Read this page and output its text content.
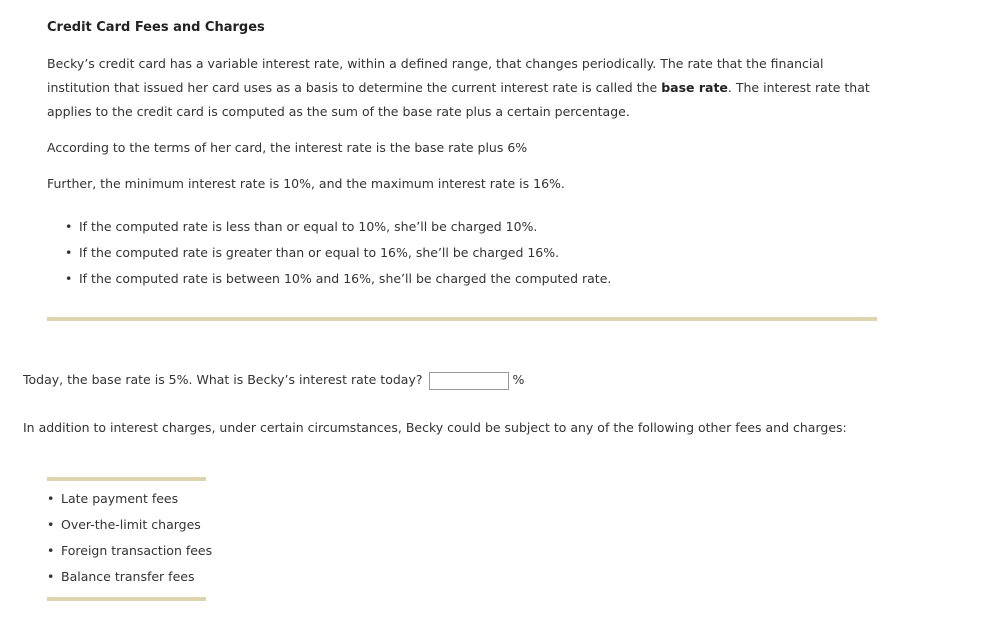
Credit Card Fees and Charges
Becky’s credit card has a variable interest rate, within a defined range, that changes periodically. The rate that the financial institution that issued her card uses as a basis to determine the current interest rate is called the base rate. The interest rate that applies to the credit card is computed as the sum of the base rate plus a certain percentage.
According to the terms of her card, the interest rate is the base rate plus 6%
Further, the minimum interest rate is 10%, and the maximum interest rate is 16%.
• If the computed rate is less than or equal to 10%, she’ll be charged 10%.
• If the computed rate is greater than or equal to 16%, she’ll be charged 16%.
• If the computed rate is between 10% and 16%, she’ll be charged the computed rate.
Today, the base rate is 5%. What is Becky’s interest rate today?	%
In addition to interest charges, under certain circumstances, Becky could be subject to any of the following other fees and charges:
• Late payment fees
• Over-the-limit charges
• Foreign transaction fees
• Balance transfer fees
